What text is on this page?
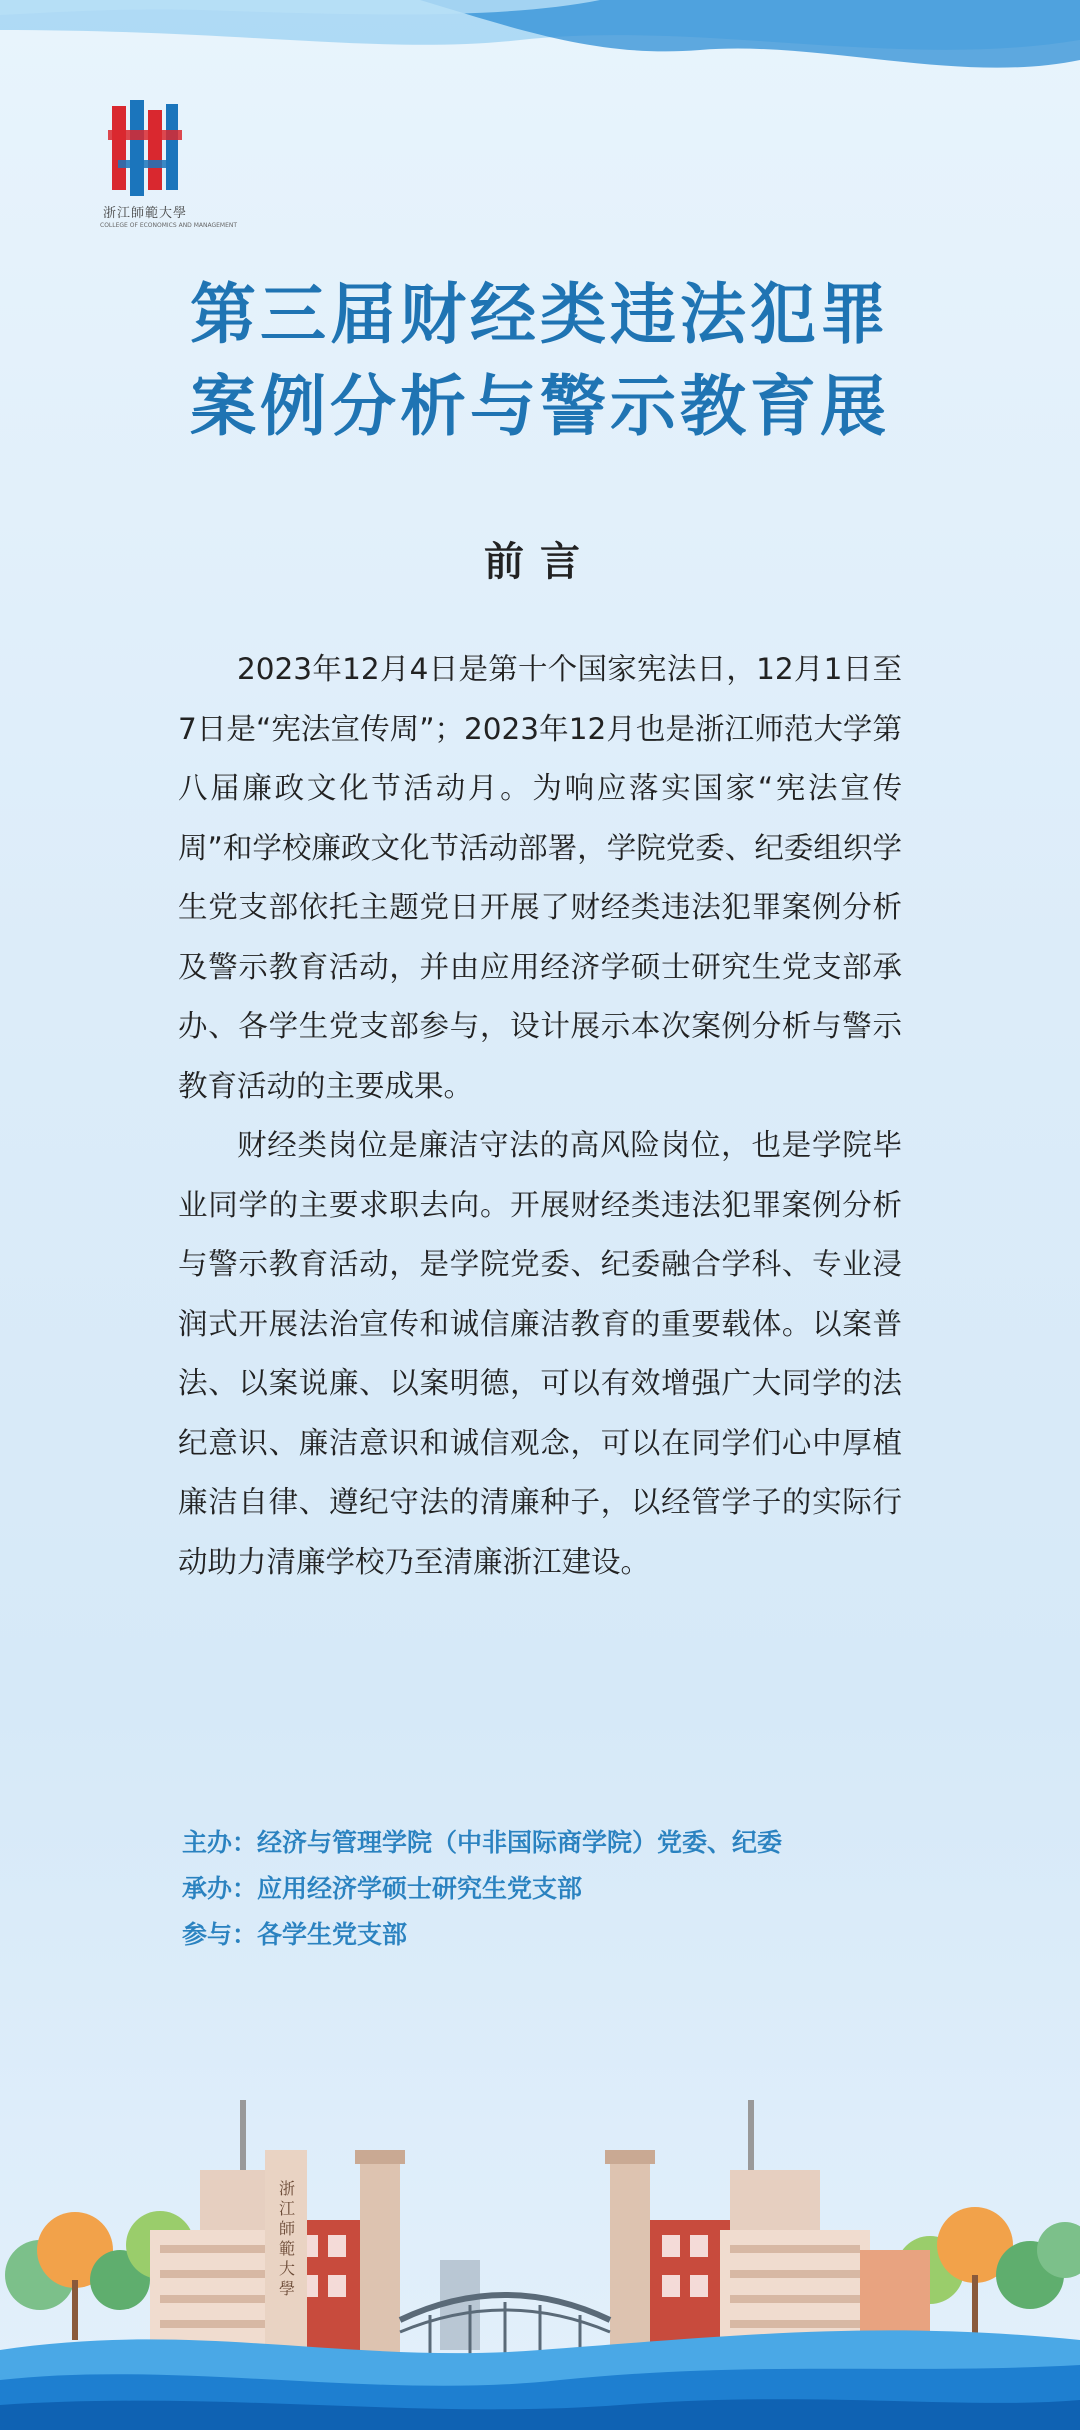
浙江師範大學
COLLEGE OF ECONOMICS AND MANAGEMENT
第三届财经类违法犯罪
案例分析与警示教育展
前言

2023年12月4日是第十个国家宪法日，12月1日至7日是“宪法宣传周”；2023年12月也是浙江师范大学第八届廉政文化节活动月。为响应落实国家“宪法宣传周”和学校廉政文化节活动部署，学院党委、纪委组织学生党支部依托主题党日开展了财经类违法犯罪案例分析及警示教育活动，并由应用经济学硕士研究生党支部承办、各学生党支部参与，设计展示本次案例分析与警示教育活动的主要成果。

财经类岗位是廉洁守法的高风险岗位，也是学院毕业同学的主要求职去向。开展财经类违法犯罪案例分析与警示教育活动，是学院党委、纪委融合学科、专业浸润式开展法治宣传和诚信廉洁教育的重要载体。以案普法、以案说廉、以案明德，可以有效增强广大同学的法纪意识、廉洁意识和诚信观念，可以在同学们心中厚植廉洁自律、遵纪守法的清廉种子，以经管学子的实际行动助力清廉学校乃至清廉浙江建设。

主办：经济与管理学院（中非国际商学院）党委、纪委
承办：应用经济学硕士研究生党支部
参与：各学生党支部
浙江師範大學
